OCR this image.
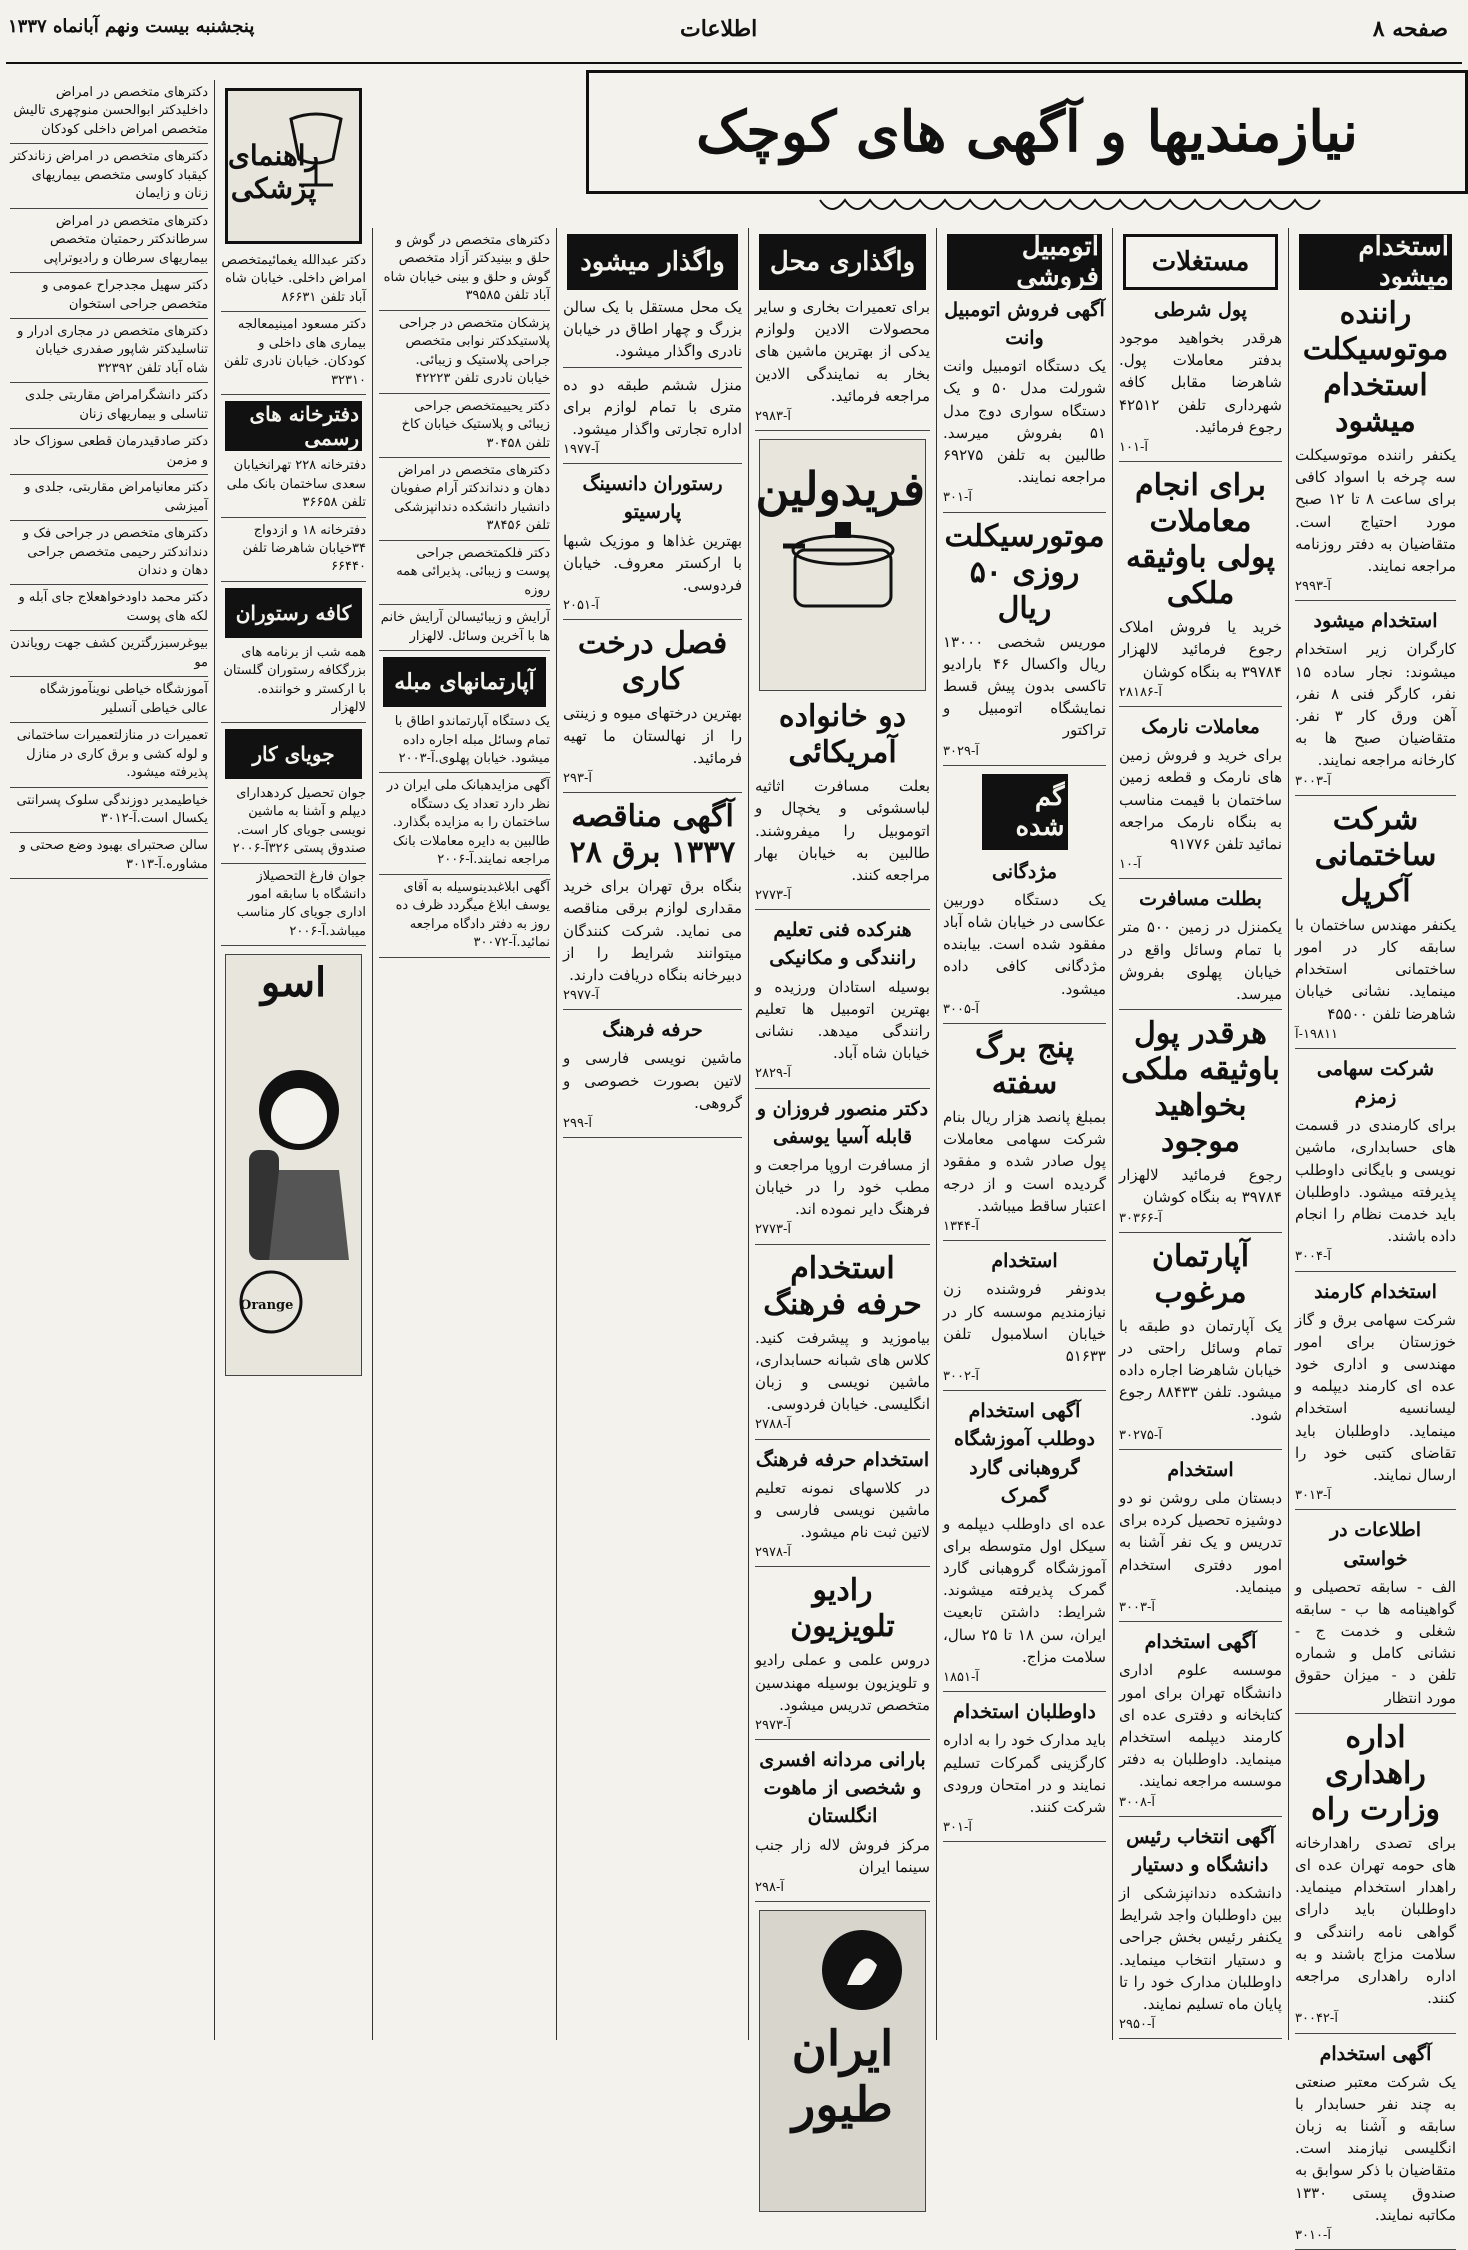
صفحه ۸
اطلاعات
پنجشنبه بیست ونهم آبانماه ۱۳۳۷
نیازمندیها و آگهی های کوچک
استخدام میشود
راننده موتوسیکلت استخدام میشود
یکنفر راننده موتوسیکلت سه چرخه با اسواد کافی برای ساعت ۸ تا ۱۲ صبح مورد احتیاج است. متقاضیان به دفتر روزنامه مراجعه نمایند.
آ-۲۹۹۳
استخدام میشود
کارگران زیر استخدام میشوند: نجار ساده ۱۵ نفر، کارگر فنی ۸ نفر، آهن ورق کار ۳ نفر. متقاضیان صبح ها به کارخانه مراجعه نمایند.
آ-۳۰۰۳
شرکت ساختمانی آکرپل
یکنفر مهندس ساختمان با سابقه کار در امور ساختمانی استخدام مینماید. نشانی خیابان شاهرضا تلفن ۴۵۵۰۰
۱۹۸۱۱-آ
شرکت سهامی زمزم
برای کارمندی در قسمت های حسابداری، ماشین نویسی و بایگانی داوطلب پذیرفته میشود. داوطلبان باید خدمت نظام را انجام داده باشند.
آ-۳۰۰۴
استخدام کارمند
شرکت سهامی برق و گاز خوزستان برای امور مهندسی و اداری خود عده ای کارمند دیپلمه و لیسانسیه استخدام مینماید. داوطلبان باید تقاضای کتبی خود را ارسال نمایند.
آ-۳۰۱۳
اطلاعات در خواستی
الف - سابقه تحصیلی و گواهینامه ها ب - سابقه شغلی و خدمت ج - نشانی کامل و شماره تلفن د - میزان حقوق مورد انتظار
اداره راهداری وزارت راه
برای تصدی راهدارخانه های حومه تهران عده ای راهدار استخدام مینماید. داوطلبان باید دارای گواهی نامه رانندگی و سلامت مزاج باشند و به اداره راهداری مراجعه کنند.
آ-۳۰۰۴۲
آگهی استخدام
یک شرکت معتبر صنعتی به چند نفر حسابدار با سابقه و آشنا به زبان انگلیسی نیازمند است. متقاضیان با ذکر سوابق به صندوق پستی ۱۳۳۰ مکاتبه نمایند.
آ-۳۰۱۰
مستغلات
پول شرطی
هرقدر بخواهید موجود بدفتر معاملات پول. شاهرضا مقابل کافه شهرداری تلفن ۴۲۵۱۲ رجوع فرمائید.
آ-۱۰۱
برای انجام معاملات پولی باوثیقه ملکی
خرید یا فروش املاک رجوع فرمائید لالهزار ۳۹۷۸۴ به بنگاه کوشان
آ-۲۸۱۸۶
معاملات نارمک
برای خرید و فروش زمین های نارمک و قطعه زمین ساختمان با قیمت مناسب به بنگاه نارمک مراجعه نمائید تلفن ۹۱۷۷۶
آ-۱۰
بطلت مسافرت
یکمنزل در زمین ۵۰۰ متر با تمام وسائل واقع در خیابان پهلوی بفروش میرسد.
هرقدر پول باوثیقه ملکی بخواهید موجود
رجوع فرمائید لالهزار ۳۹۷۸۴ به بنگاه کوشان
آ-۳۰۳۶۶
آپارتمان مرغوب
یک آپارتمان دو طبقه با تمام وسائل راحتی در خیابان شاهرضا اجاره داده میشود. تلفن ۸۸۴۳۳ رجوع شود.
آ-۳۰۲۷۵
استخدام
دبستان ملی روشن نو دو دوشیزه تحصیل کرده برای تدریس و یک نفر آشنا به امور دفتری استخدام مینماید.
آ-۳۰۰۳
آگهی استخدام
موسسه علوم اداری دانشگاه تهران برای امور کتابخانه و دفتری عده ای کارمند دیپلمه استخدام مینماید. داوطلبان به دفتر موسسه مراجعه نمایند.
آ-۳۰۰۸
آگهی انتخاب رئیس دانشگاه و دستیار
دانشکده دندانپزشکی از بین داوطلبان واجد شرایط یکنفر رئیس بخش جراحی و دستیار انتخاب مینماید. داوطلبان مدارک خود را تا پایان ماه تسلیم نمایند.
آ-۲۹۵۰
اتومبیل فروشی
آگهی فروش اتومبیل وانت
یک دستگاه اتومبیل وانت شورلت مدل ۵۰ و یک دستگاه سواری دوج مدل ۵۱ بفروش میرسد. طالبین به تلفن ۶۹۲۷۵ مراجعه نمایند.
آ-۳۰۱
موتورسیکلت روزی ۵۰ ریال
موریس شخصی ۱۳۰۰۰ ریال واکسال ۴۶ بارادیو تاکسی بدون پیش قسط نمایشگاه اتومبیل و تراکتور
آ-۳۰۲۹
گم شده
مژدگانی
یک دستگاه دوربین عکاسی در خیابان شاه آباد مفقود شده است. بیابنده مژدگانی کافی داده میشود.
آ-۳۰۰۵
پنج برگ سفته
بمبلغ پانصد هزار ریال بنام شرکت سهامی معاملات پول صادر شده و مفقود گردیده است و از درجه اعتبار ساقط میباشد.
آ-۱۳۴۴
استخدام
بدونفر فروشنده زن نیازمندیم موسسه کار در خیابان اسلامبول تلفن ۵۱۶۳۳
آ-۳۰۰۲
آگهی استخدام دوطلب آموزشگاه گروهبانی گارد گمرک
عده ای داوطلب دیپلمه و سیکل اول متوسطه برای آموزشگاه گروهبانی گارد گمرک پذیرفته میشوند. شرایط: داشتن تابعیت ایران، سن ۱۸ تا ۲۵ سال، سلامت مزاج.
آ-۱۸۵۱
داوطلبان استخدام
باید مدارک خود را به اداره کارگزینی گمرکات تسلیم نمایند و در امتحان ورودی شرکت کنند.
آ-۳۰۱
واگذاری محل
برای تعمیرات بخاری و سایر محصولات الادین ولوازم یدکی از بهترین ماشین های بخار به نمایندگی الادین مراجعه فرمائید.
آ-۲۹۸۳
فریدولین
دو خانواده آمریکائی
بعلت مسافرت اثاثیه لباسشوئی و یخچال و اتوموبیل را میفروشند. طالبین به خیابان بهار مراجعه کنند.
آ-۲۷۷۳
هنرکده فنی تعلیم رانندگی و مکانیکی
بوسیله استادان ورزیده و بهترین اتومبیل ها تعلیم رانندگی میدهد. نشانی خیابان شاه آباد.
آ-۲۸۲۹
دکتر منصور فروزان و قابله آسیا یوسفی
از مسافرت اروپا مراجعت و مطب خود را در خیابان فرهنگ دایر نموده اند.
آ-۲۷۷۳
استخدام حرفه فرهنگ
بیاموزید و پیشرفت کنید. کلاس های شبانه حسابداری، ماشین نویسی و زبان انگلیسی. خیابان فردوسی.
آ-۲۷۸۸
استخدام حرفه فرهنگ
در کلاسهای نمونه تعلیم ماشین نویسی فارسی و لاتین ثبت نام میشود.
آ-۲۹۷۸
رادیو تلویزیون
دروس علمی و عملی رادیو و تلویزیون بوسیله مهندسین متخصص تدریس میشود.
آ-۲۹۷۳
بارانی مردانه افسری و شخصی از ماهوت انگلستان
مرکز فروش لاله زار جنب سینما ایران
آ-۲۹۸
ایران طیور
واگذار میشود
یک محل مستقل با یک سالن بزرگ و چهار اطاق در خیابان نادری واگذار میشود.
منزل ششم طبقه دو ده متری با تمام لوازم برای اداره تجارتی واگذار میشود.
آ-۱۹۷۷
رستوران دانسینگ پارسیتو
بهترین غذاها و موزیک شبها با ارکستر معروف. خیابان فردوسی.
آ-۲۰۵۱
فصل درخت کاری
بهترین درختهای میوه و زینتی را از نهالستان ما تهیه فرمائید.
آ-۲۹۳
آگهی مناقصه ۱۳۳۷ برق ۲۸
بنگاه برق تهران برای خرید مقداری لوازم برقی مناقصه می نماید. شرکت کنندگان میتوانند شرایط را از دبیرخانه بنگاه دریافت دارند.
آ-۲۹۷۷
حرفه فرهنگ
ماشین نویسی فارسی و لاتین بصورت خصوصی و گروهی.
آ-۲۹۹
دکترهای متخصص در گوش و حلق و بینیدکتر آزاد متخصص گوش و حلق و بینی خیابان شاه آباد تلفن ۳۹۵۸۵
پزشکان متخصص در جراحی پلاستیکدکتر نوابی متخصص جراحی پلاستیک و زیبائی. خیابان نادری تلفن ۴۲۲۲۳
دکتر یحییمتخصص جراحی زیبائی و پلاستیک خیابان کاخ تلفن ۳۰۴۵۸
دکترهای متخصص در امراض دهان و دنداندکتر آرام صفویان دانشیار دانشکده دندانپزشکی تلفن ۳۸۴۵۶
دکتر فلکمتخصص جراحی پوست و زیبائی. پذیرائی همه روزه
آرایش و زیبائیسالن آرایش خانم ها با آخرین وسائل. لالهزار
آپارتمانهای مبله
یک دستگاه آپارتماندو اطاق با تمام وسائل مبله اجاره داده میشود. خیابان پهلوی.آ-۲۰۰۳
آگهی مزایدهبانک ملی ایران در نظر دارد تعداد یک دستگاه ساختمان را به مزایده بگذارد. طالبین به دایره معاملات بانک مراجعه نمایند.آ-۲۰۰۶
آگهی ابلاغبدینوسیله به آقای یوسف ابلاغ میگردد ظرف ده روز به دفتر دادگاه مراجعه نمائید.آ-۳۰۰۷۲
راهنمای پزشکی
دکتر عبدالله یغمائیمتخصص امراض داخلی. خیابان شاه آباد تلفن ۸۶۶۳۱
دکتر مسعود امینیمعالجه بیماری های داخلی و کودکان. خیابان نادری تلفن ۳۲۳۱۰
دفترخانه های رسمی
دفترخانه ۲۲۸ تهرانخیابان سعدی ساختمان بانک ملی تلفن ۳۶۶۵۸
دفترخانه ۱۸ و ازدواج ۳۴خیابان شاهرضا تلفن ۶۶۴۴۰
کافه رستوران
همه شب از برنامه های بزرگکافه رستوران گلستان با ارکستر و خواننده. لالهزار
جویای کار
جوان تحصیل کردهدارای دیپلم و آشنا به ماشین نویسی جویای کار است. صندوق پستی ۳۲۶آ-۲۰۰۶
جوان فارغ التحصیلاز دانشگاه با سابقه امور اداری جویای کار مناسب میباشد.آ-۲۰۰۶
اسو
Orange
دکترهای متخصص در امراض داخلیدکتر ابوالحسن منوچهری تالیش متخصص امراض داخلی کودکان
دکترهای متخصص در امراض زناندکتر کیقباد کاوسی متخصص بیماریهای زنان و زایمان
دکترهای متخصص در امراض سرطاندکتر رحمتیان متخصص بیماریهای سرطان و رادیوتراپی
دکتر سهیل مجدجراح عمومی و متخصص جراحی استخوان
دکترهای متخصص در مجاری ادرار و تناسلیدکتر شاپور صفدری خیابان شاه آباد تلفن ۳۲۳۹۲
دکتر دانشگرامراض مقاربتی جلدی تناسلی و بیماریهای زنان
دکتر صادقیدرمان قطعی سوزاک حاد و مزمن
دکتر معانیامراض مقاربتی، جلدی و آمیزشی
دکترهای متخصص در جراحی فک و دنداندکتر رحیمی متخصص جراحی دهان و دندان
دکتر محمد داودخواهعلاج جای آبله و لکه های پوست
بیوغرسبزرگترین کشف جهت رویاندن مو
آموزشگاه خیاطی نوینآموزشگاه عالی خیاطی آنسلیر
تعمیرات در منازلتعمیرات ساختمانی و لوله کشی و برق کاری در منازل پذیرفته میشود.
خیاطیمدیر دوزندگی سلوک پسرانتی یکسال است.آ-۳۰۱۲
سالن صحتبرای بهبود وضع صحتی و مشاوره.آ-۳۰۱۳
